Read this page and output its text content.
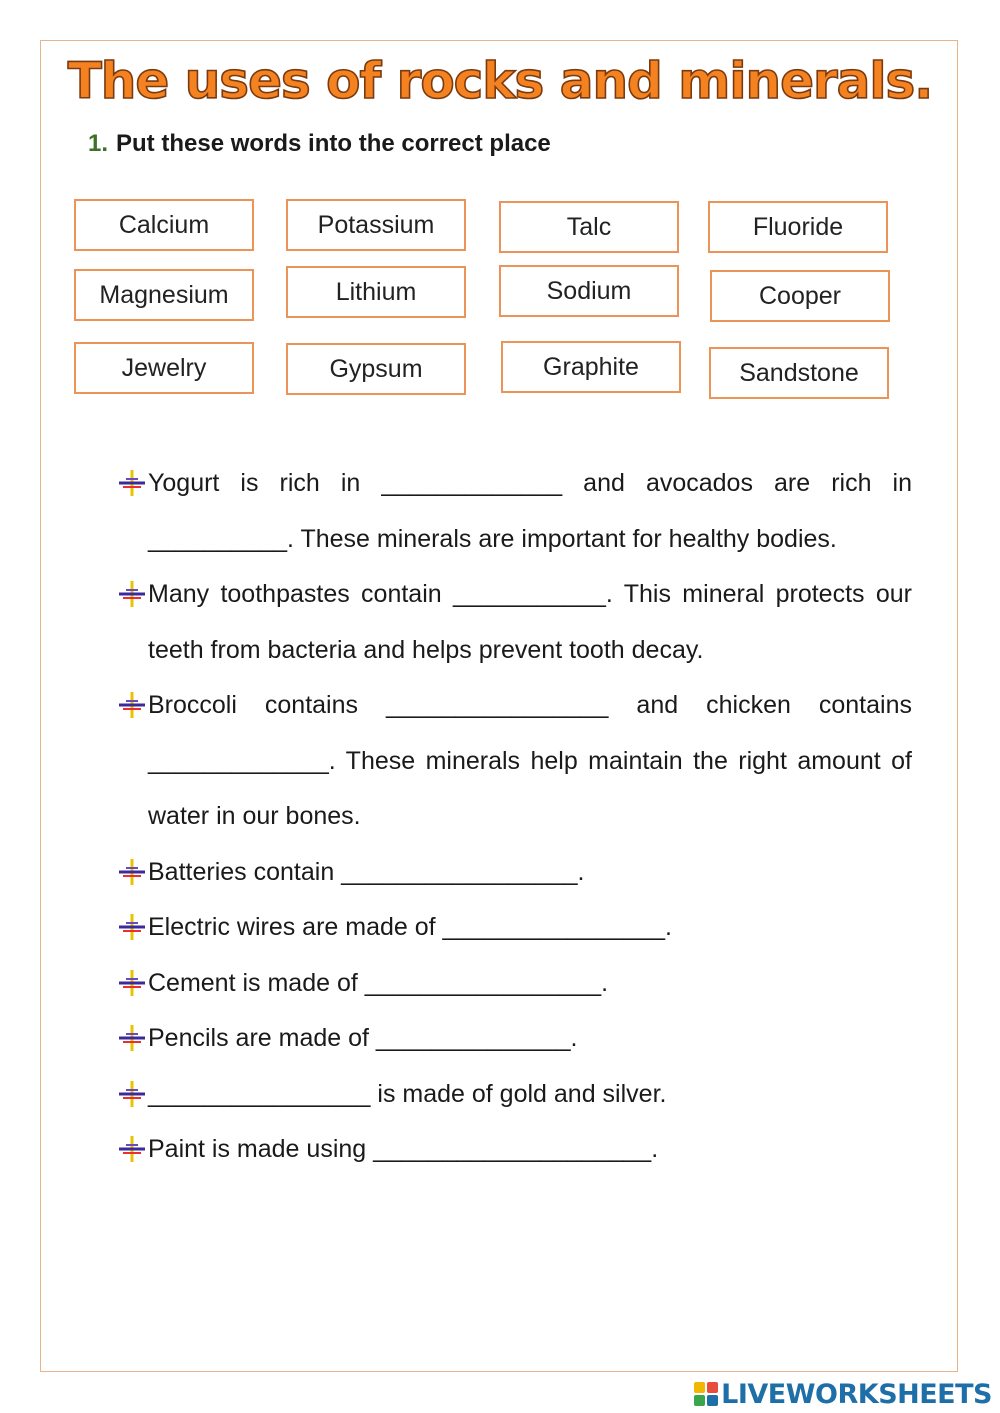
The uses of rocks and minerals.
1. Put these words into the correct place
Calcium	Potassium	Talc	Fluoride
Magnesium	Lithium	Sodium	Cooper
Jewelry	Gypsum	Graphite	Sandstone
Yogurt is rich in _____________ and avocados are rich in __________. These minerals are important for healthy bodies.
Many toothpastes contain ___________. This mineral protects our teeth from bacteria and helps prevent tooth decay.
Broccoli contains ________________ and chicken contains _____________. These minerals help maintain the right amount of water in our bones.
Batteries contain _________________.
Electric wires are made of ________________.
Cement is made of _________________.
Pencils are made of ______________.
________________ is made of gold and silver.
Paint is made using ____________________.
LIVEWORKSHEETS
